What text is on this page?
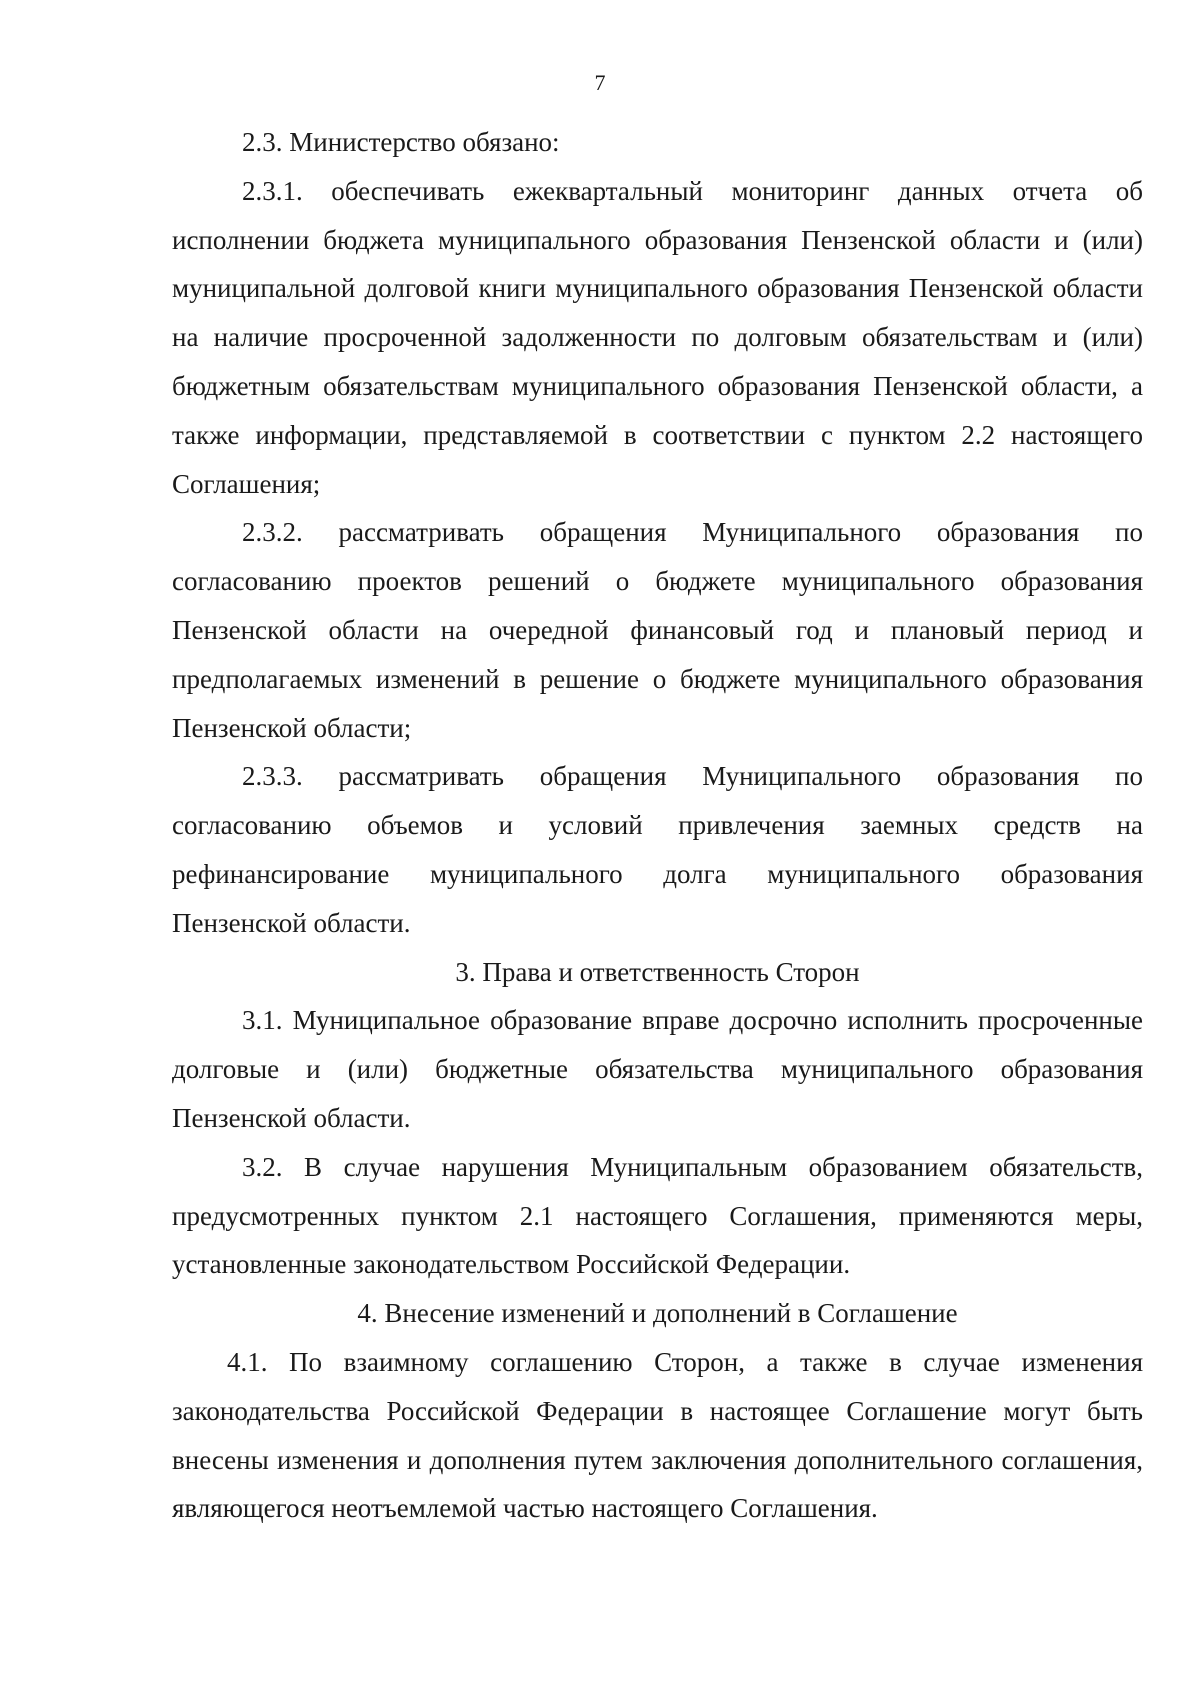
7

2.3. Министерство обязано:

2.3.1. обеспечивать ежеквартальный мониторинг данных отчета об исполнении бюджета муниципального образования Пензенской области и (или) муниципальной долговой книги муниципального образования Пензенской области на наличие просроченной задолженности по долговым обязательствам и (или) бюджетным обязательствам муниципального образования Пензенской области, а также информации, представляемой в соответствии с пунктом 2.2 настоящего Соглашения;

2.3.2. рассматривать обращения Муниципального образования по согласованию проектов решений о бюджете муниципального образования Пензенской области на очередной финансовый год и плановый период и предполагаемых изменений в решение о бюджете муниципального образования Пензенской области;

2.3.3. рассматривать обращения Муниципального образования по согласованию объемов и условий привлечения заемных средств на рефинансирование муниципального долга муниципального образования Пензенской области.

3. Права и ответственность Сторон

3.1. Муниципальное образование вправе досрочно исполнить просроченные долговые и (или) бюджетные обязательства муниципального образования Пензенской области.

3.2. В случае нарушения Муниципальным образованием обязательств, предусмотренных пунктом 2.1 настоящего Соглашения, применяются меры, установленные законодательством Российской Федерации.

4. Внесение изменений и дополнений в Соглашение

4.1. По взаимному соглашению Сторон, а также в случае изменения законодательства Российской Федерации в настоящее Соглашение могут быть внесены изменения и дополнения путем заключения дополнительного соглашения, являющегося неотъемлемой частью настоящего Соглашения.
